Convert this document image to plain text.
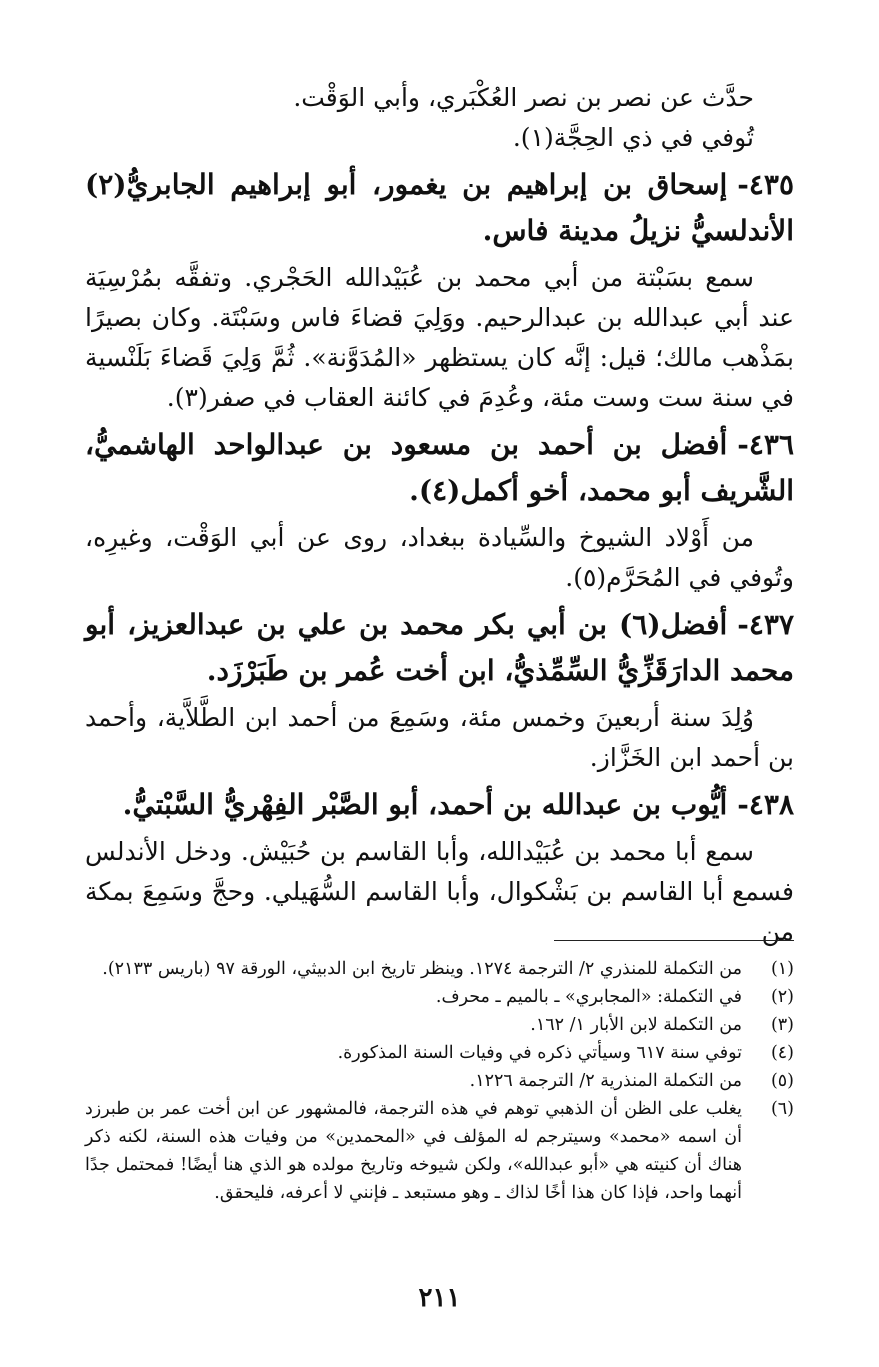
حدَّث عن نصر بن نصر العُكْبَري، وأبي الوَقْت.

تُوفي في ذي الحِجَّة(١).

٤٣٥-إسحاق بن إبراهيم بن يغمور، أبو إبراهيم الجابريُّ(٢) الأندلسيُّ نزيلُ مدينة فاس.

سمع بسَبْتة من أبي محمد بن عُبَيْدالله الحَجْري. وتفقَّه بمُرْسِيَة عند أبي عبدالله بن عبدالرحيم. ووَلِيَ قضاءَ فاس وسَبْتَة. وكان بصيرًا بمَذْهب مالك؛ قيل: إنَّه كان يستظهر «المُدَوَّنة». ثُمَّ وَلِيَ قَضاءَ بَلَنْسية في سنة ست وست مئة، وعُدِمَ في كائنة العقاب في صفر(٣).

٤٣٦-أفضل بن أحمد بن مسعود بن عبدالواحد الهاشميُّ، الشَّريف أبو محمد، أخو أكمل(٤).

من أَوْلاد الشيوخ والسِّيادة ببغداد، روى عن أبي الوَقْت، وغيرِه، وتُوفي في المُحَرَّم(٥).

٤٣٧-أفضل(٦) بن أبي بكر محمد بن علي بن عبدالعزيز، أبو محمد الدارَقَزِّيُّ السِّمِّذيُّ، ابن أخت عُمر بن طَبَرْزَد.

وُلِدَ سنة أربعينَ وخمس مئة، وسَمِعَ من أحمد ابن الطَّلاَّية، وأحمد بن أحمد ابن الخَزَّاز.

٤٣٨-أيُّوب بن عبدالله بن أحمد، أبو الصَّبْر الفِهْريُّ السَّبْتيُّ.

سمع أبا محمد بن عُبَيْدالله، وأبا القاسم بن حُبَيْش. ودخل الأندلس فسمع أبا القاسم بن بَشْكوال، وأبا القاسم السُّهَيلي. وحجَّ وسَمِعَ بمكة من

(١)
من التكملة للمنذري ٢/ الترجمة ١٢٧٤. وينظر تاريخ ابن الدبيثي، الورقة ٩٧ (باريس ٢١٣٣).
(٢)
في التكملة: «المجابري» ـ بالميم ـ محرف.
(٣)
من التكملة لابن الأبار ١/ ١٦٢.
(٤)
توفي سنة ٦١٧ وسيأتي ذكره في وفيات السنة المذكورة.
(٥)
من التكملة المنذرية ٢/ الترجمة ١٢٢٦.
(٦)
يغلب على الظن أن الذهبي توهم في هذه الترجمة، فالمشهور عن ابن أخت عمر بن طبرزد أن اسمه «محمد» وسيترجم له المؤلف في «المحمدين» من وفيات هذه السنة، لكنه ذكر هناك أن كنيته هي «أبو عبدالله»، ولكن شيوخه وتاريخ مولده هو الذي هنا أيضًا! فمحتمل جدًا أنهما واحد، فإذا كان هذا أخًا لذاك ـ وهو مستبعد ـ فإنني لا أعرفه، فليحقق.
٢١١
